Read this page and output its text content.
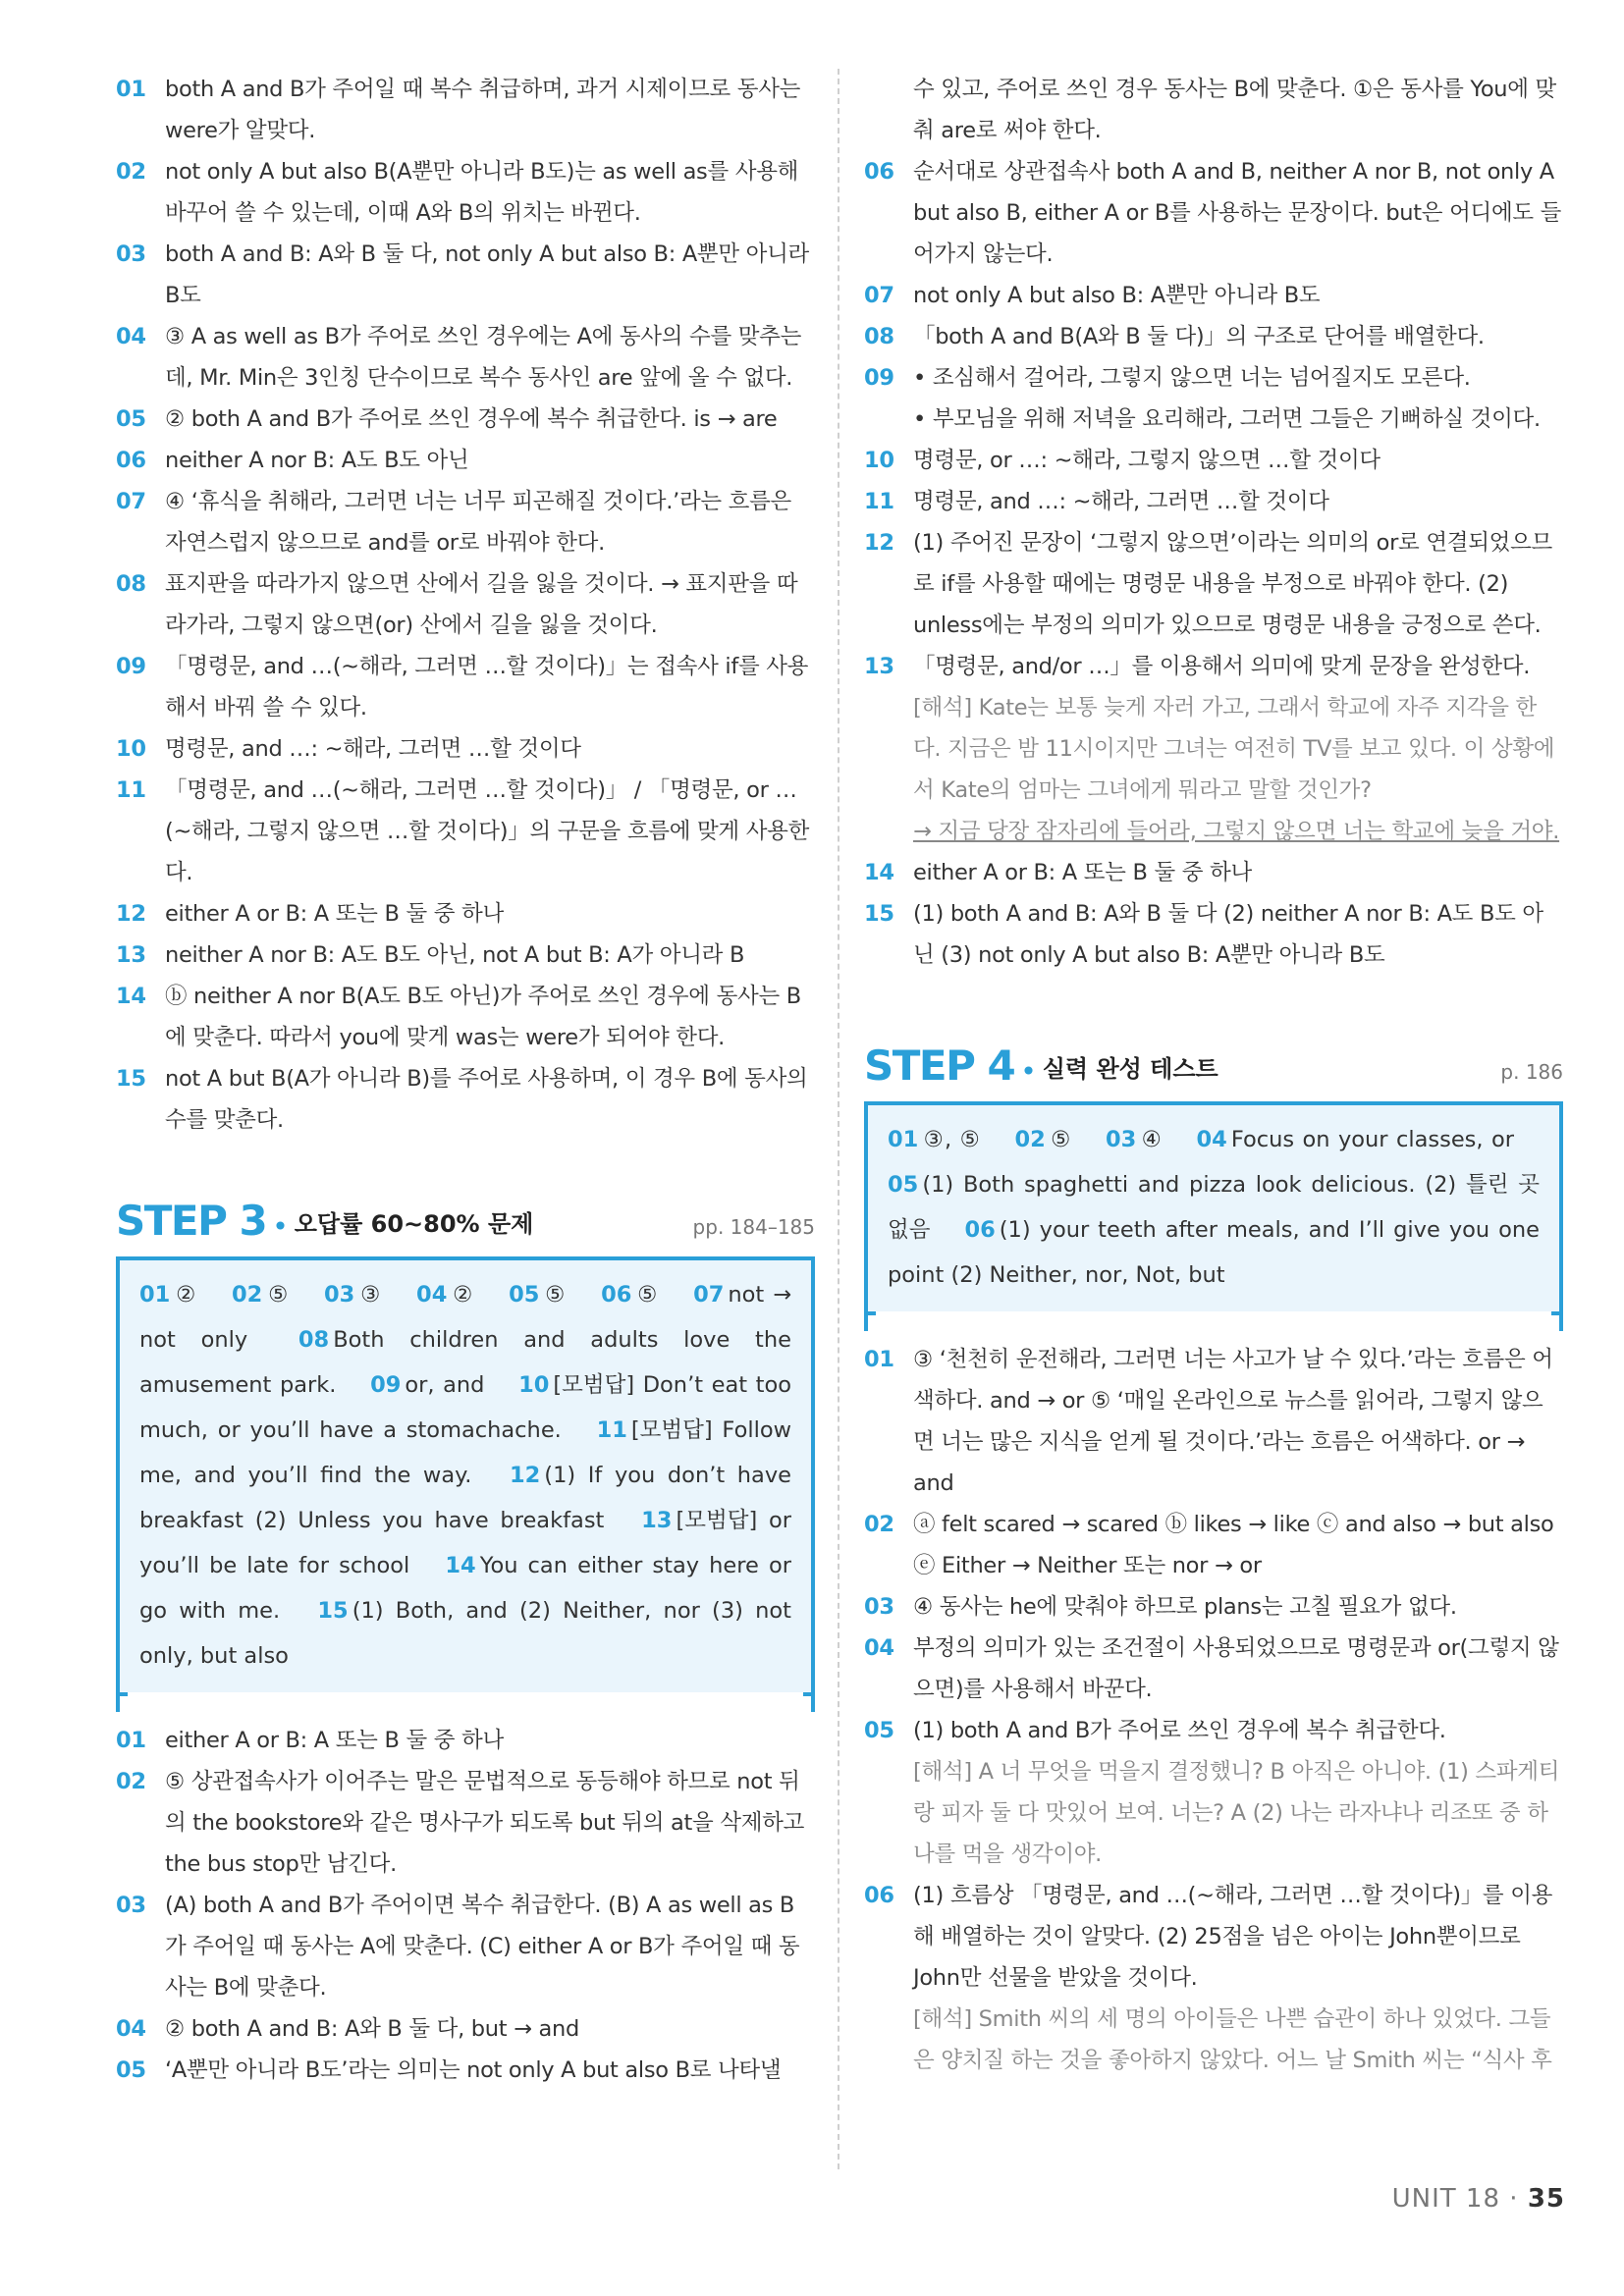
01 both A and B가 주어일 때 복수 취급하며, 과거 시제이므로 동사는 were가 알맞다.
02 not only A but also B(A뿐만 아니라 B도)는 as well as를 사용해 바꾸어 쓸 수 있는데, 이때 A와 B의 위치는 바뀐다.
03 both A and B: A와 B 둘 다, not only A but also B: A뿐만 아니라 B도
04 ③ A as well as B가 주어로 쓰인 경우에는 A에 동사의 수를 맞추는데, Mr. Min은 3인칭 단수이므로 복수 동사인 are 앞에 올 수 없다.
05 ② both A and B가 주어로 쓰인 경우에 복수 취급한다. is → are
06 neither A nor B: A도 B도 아닌
07 ④ ‘휴식을 취해라, 그러면 너는 너무 피곤해질 것이다.’라는 흐름은 자연스럽지 않으므로 and를 or로 바꿔야 한다.
08 표지판을 따라가지 않으면 산에서 길을 잃을 것이다. → 표지판을 따라가라, 그렇지 않으면(or) 산에서 길을 잃을 것이다.
09 「명령문, and …(~해라, 그러면 …할 것이다)」는 접속사 if를 사용해서 바꿔 쓸 수 있다.
10 명령문, and …: ~해라, 그러면 …할 것이다
11 「명령문, and …(~해라, 그러면 …할 것이다)」 / 「명령문, or …(~해라, 그렇지 않으면 …할 것이다)」의 구문을 흐름에 맞게 사용한다.
12 either A or B: A 또는 B 둘 중 하나
13 neither A nor B: A도 B도 아닌, not A but B: A가 아니라 B
14 ⓑ neither A nor B(A도 B도 아닌)가 주어로 쓰인 경우에 동사는 B에 맞춘다. 따라서 you에 맞게 was는 were가 되어야 한다.
15 not A but B(A가 아니라 B)를 주어로 사용하며, 이 경우 B에 동사의 수를 맞춘다.
STEP 3 • 오답률 60~80% 문제	pp. 184–185
01 ② 02 ⑤ 03 ③ 04 ② 05 ⑤ 06 ⑤ 07 not → not only 08 Both children and adults love the amusement park. 09 or, and 10 [모범답] Don’t eat too much, or you’ll have a stomachache. 11 [모범답] Follow me, and you’ll find the way. 12 (1) If you don’t have breakfast (2) Unless you have breakfast 13 [모범답] or you’ll be late for school 14 You can either stay here or go with me. 15 (1) Both, and (2) Neither, nor (3) not only, but also
01 either A or B: A 또는 B 둘 중 하나
02 ⑤ 상관접속사가 이어주는 말은 문법적으로 동등해야 하므로 not 뒤의 the bookstore와 같은 명사구가 되도록 but 뒤의 at을 삭제하고 the bus stop만 남긴다.
03 (A) both A and B가 주어이면 복수 취급한다. (B) A as well as B가 주어일 때 동사는 A에 맞춘다. (C) either A or B가 주어일 때 동사는 B에 맞춘다.
04 ② both A and B: A와 B 둘 다, but → and
05 ‘A뿐만 아니라 B도’라는 의미는 not only A but also B로 나타낼
수 있고, 주어로 쓰인 경우 동사는 B에 맞춘다. ①은 동사를 You에 맞춰 are로 써야 한다.
06 순서대로 상관접속사 both A and B, neither A nor B, not only A but also B, either A or B를 사용하는 문장이다. but은 어디에도 들어가지 않는다.
07 not only A but also B: A뿐만 아니라 B도
08 「both A and B(A와 B 둘 다)」의 구조로 단어를 배열한다.
09 • 조심해서 걸어라, 그렇지 않으면 너는 넘어질지도 모른다.
• 부모님을 위해 저녁을 요리해라, 그러면 그들은 기뻐하실 것이다.
10 명령문, or …: ~해라, 그렇지 않으면 …할 것이다
11 명령문, and …: ~해라, 그러면 …할 것이다
12 (1) 주어진 문장이 ‘그렇지 않으면’이라는 의미의 or로 연결되었으므로 if를 사용할 때에는 명령문 내용을 부정으로 바꿔야 한다. (2) unless에는 부정의 의미가 있으므로 명령문 내용을 긍정으로 쓴다.
13 「명령문, and/or …」를 이용해서 의미에 맞게 문장을 완성한다.
[해석] Kate는 보통 늦게 자러 가고, 그래서 학교에 자주 지각을 한다. 지금은 밤 11시이지만 그녀는 여전히 TV를 보고 있다. 이 상황에서 Kate의 엄마는 그녀에게 뭐라고 말할 것인가?
→ 지금 당장 잠자리에 들어라, 그렇지 않으면 너는 학교에 늦을 거야.
14 either A or B: A 또는 B 둘 중 하나
15 (1) both A and B: A와 B 둘 다 (2) neither A nor B: A도 B도 아닌 (3) not only A but also B: A뿐만 아니라 B도
STEP 4 • 실력 완성 테스트	p. 186
01 ③, ⑤ 02 ⑤ 03 ④ 04 Focus on your classes, or 05 (1) Both spaghetti and pizza look delicious. (2) 틀린 곳 없음 06 (1) your teeth after meals, and I’ll give you one point (2) Neither, nor, Not, but
01 ③ ‘천천히 운전해라, 그러면 너는 사고가 날 수 있다.’라는 흐름은 어색하다. and → or ⑤ ‘매일 온라인으로 뉴스를 읽어라, 그렇지 않으면 너는 많은 지식을 얻게 될 것이다.’라는 흐름은 어색하다. or → and
02 ⓐ felt scared → scared ⓑ likes → like ⓒ and also → but also ⓔ Either → Neither 또는 nor → or
03 ④ 동사는 he에 맞춰야 하므로 plans는 고칠 필요가 없다.
04 부정의 의미가 있는 조건절이 사용되었으므로 명령문과 or(그렇지 않으면)를 사용해서 바꾼다.
05 (1) both A and B가 주어로 쓰인 경우에 복수 취급한다.
[해석] A 너 무엇을 먹을지 결정했니? B 아직은 아니야. (1) 스파게티랑 피자 둘 다 맛있어 보여. 너는? A (2) 나는 라자냐나 리조또 중 하나를 먹을 생각이야.
06 (1) 흐름상 「명령문, and …(~해라, 그러면 …할 것이다)」를 이용해 배열하는 것이 알맞다. (2) 25점을 넘은 아이는 John뿐이므로 John만 선물을 받았을 것이다.
[해석] Smith 씨의 세 명의 아이들은 나쁜 습관이 하나 있었다. 그들은 양치질 하는 것을 좋아하지 않았다. 어느 날 Smith 씨는 “식사 후
UNIT 18 · 35
